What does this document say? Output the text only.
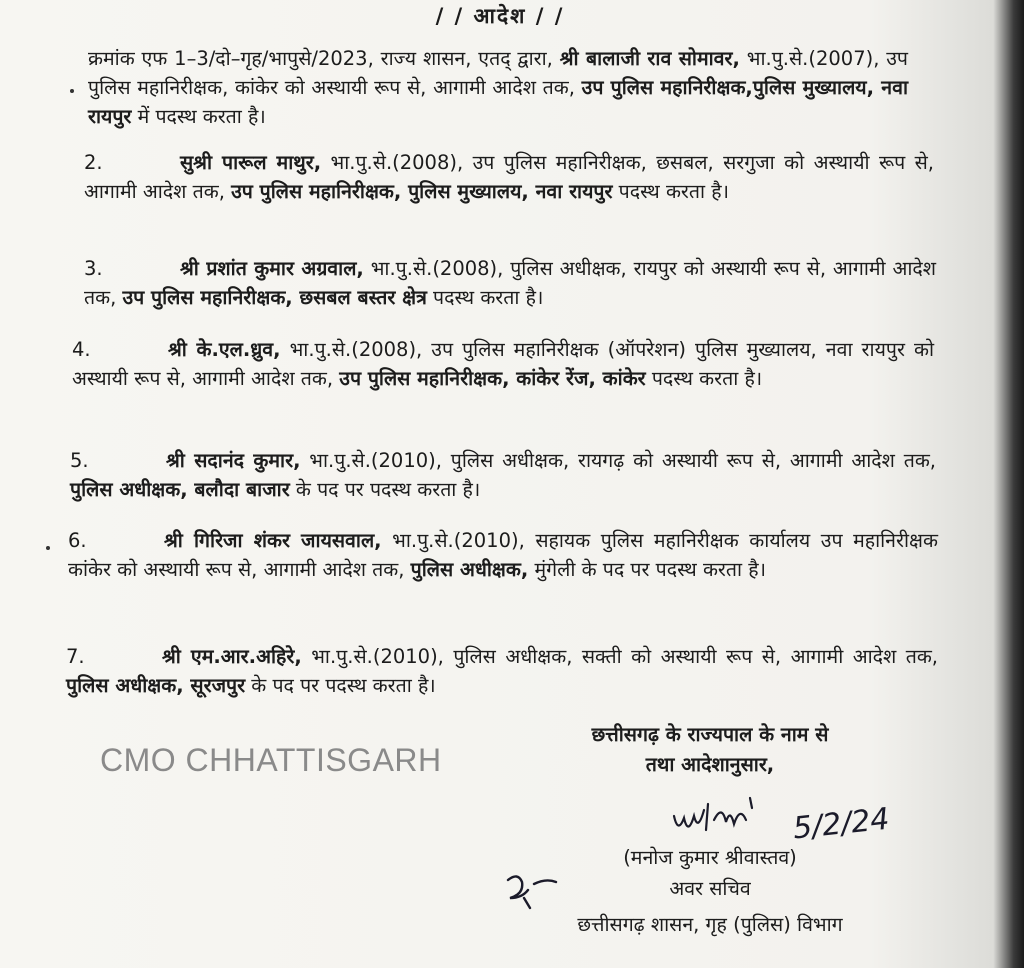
/ / आदेश / /
क्रमांक एफ 1–3/दो–गृह/भापुसे/2023, राज्य शासन, एतद् द्वारा, श्री बालाजी राव सोमावर, भा.पु.से.(2007), उप पुलिस महानिरीक्षक, कांकेर को अस्थायी रूप से, आगामी आदेश तक, उप पुलिस महानिरीक्षक,पुलिस मुख्यालय, नवा रायपुर में पदस्थ करता है।
2.	सुश्री पारूल माथुर, भा.पु.से.(2008), उप पुलिस महानिरीक्षक, छसबल, सरगुजा को अस्थायी रूप से, आगामी आदेश तक, उप पुलिस महानिरीक्षक, पुलिस मुख्यालय, नवा रायपुर पदस्थ करता है।
3.	श्री प्रशांत कुमार अग्रवाल, भा.पु.से.(2008), पुलिस अधीक्षक, रायपुर को अस्थायी रूप से, आगामी आदेश तक, उप पुलिस महानिरीक्षक, छसबल बस्तर क्षेत्र पदस्थ करता है।
4.	श्री के.एल.ध्रुव, भा.पु.से.(2008), उप पुलिस महानिरीक्षक (ऑपरेशन) पुलिस मुख्यालय, नवा रायपुर को अस्थायी रूप से, आगामी आदेश तक, उप पुलिस महानिरीक्षक, कांकेर रेंज, कांकेर पदस्थ करता है।
5.	श्री सदानंद कुमार, भा.पु.से.(2010), पुलिस अधीक्षक, रायगढ़ को अस्थायी रूप से, आगामी आदेश तक, पुलिस अधीक्षक, बलौदा बाजार के पद पर पदस्थ करता है।
6.	श्री गिरिजा शंकर जायसवाल, भा.पु.से.(2010), सहायक पुलिस महानिरीक्षक कार्यालय उप महानिरीक्षक कांकेर को अस्थायी रूप से, आगामी आदेश तक, पुलिस अधीक्षक, मुंगेली के पद पर पदस्थ करता है।
7.	श्री एम.आर.अहिरे, भा.पु.से.(2010), पुलिस अधीक्षक, सक्ती को अस्थायी रूप से, आगामी आदेश तक, पुलिस अधीक्षक, सूरजपुर के पद पर पदस्थ करता है।
CMO CHHATTISGARH
छत्तीसगढ़ के राज्यपाल के नाम से
तथा आदेशानुसार,
5/2/24
(मनोज कुमार श्रीवास्तव)
अवर सचिव
छत्तीसगढ़ शासन, गृह (पुलिस) विभाग
